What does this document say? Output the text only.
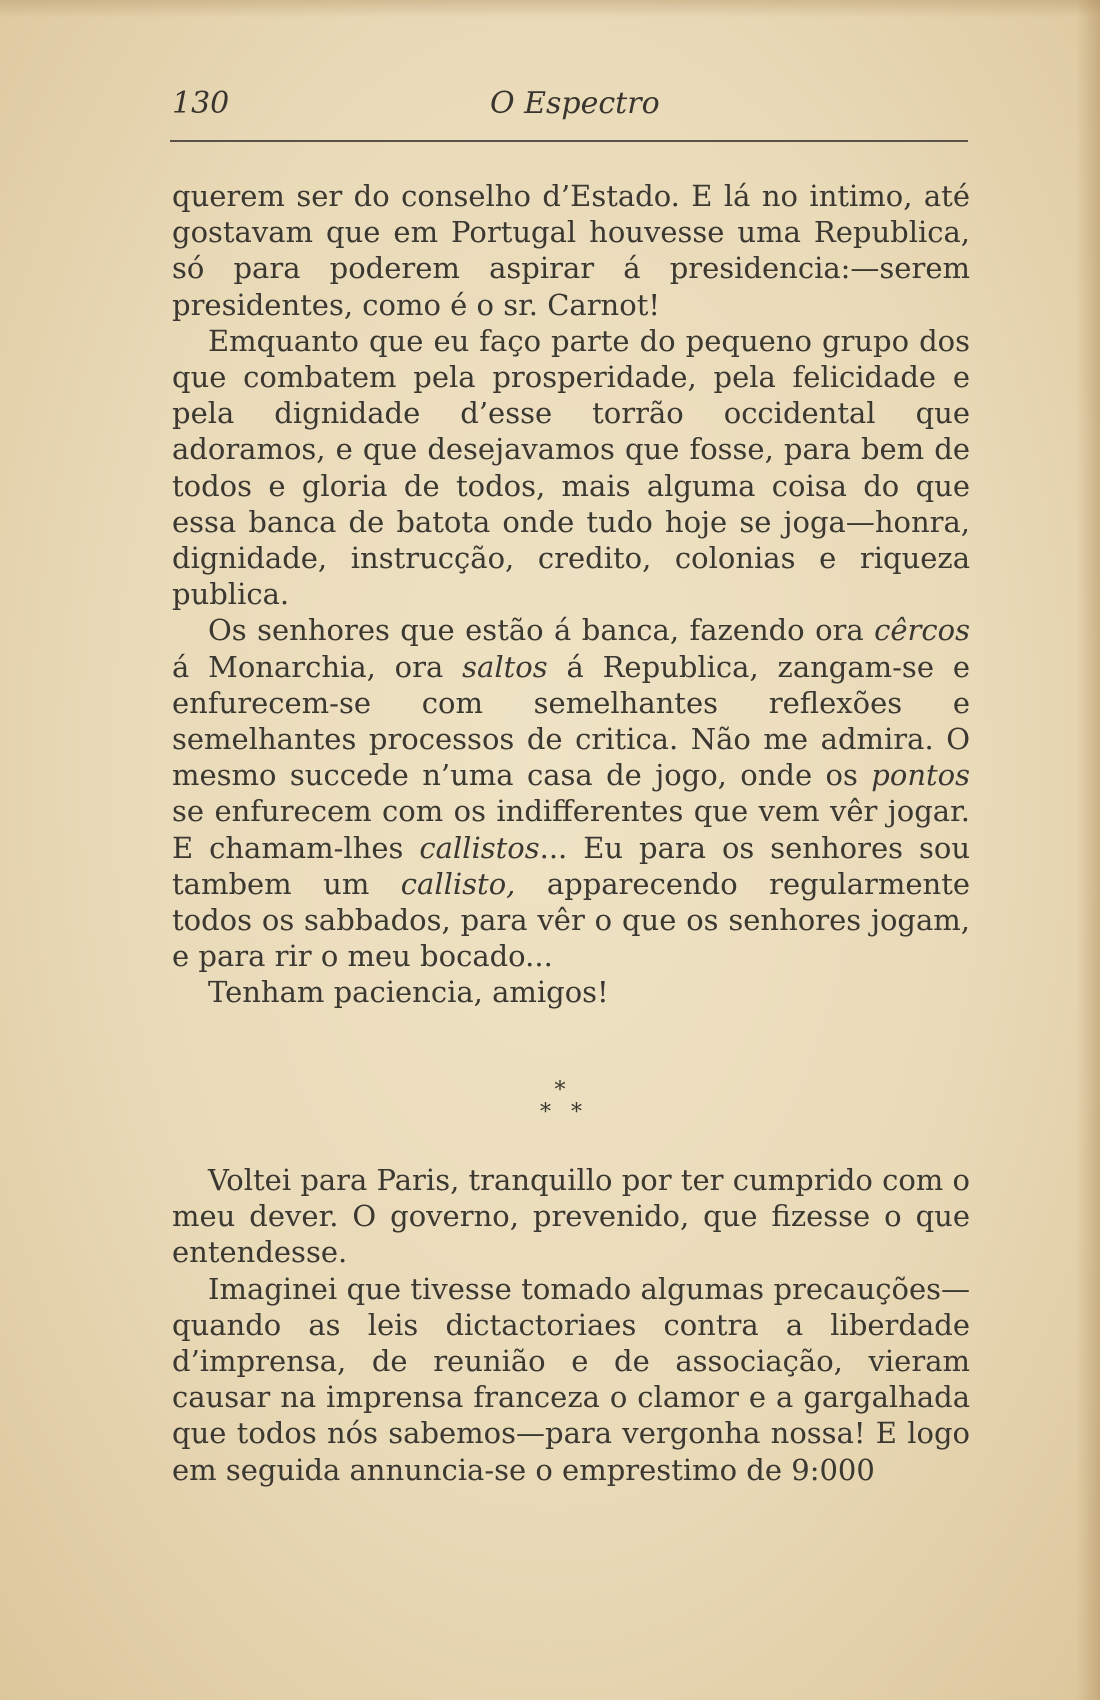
130	O Espectro

querem ser do conselho d’Estado. E lá no intimo, até gostavam que em Portugal houvesse uma Republica, só para poderem aspirar á presidencia:—serem presidentes, como é o sr. Carnot!

Emquanto que eu faço parte do pequeno grupo dos que combatem pela prosperidade, pela felicidade e pela dignidade d’esse torrão occidental que adoramos, e que desejavamos que fosse, para bem de todos e gloria de todos, mais alguma coisa do que essa banca de batota onde tudo hoje se joga—honra, dignidade, instrucção, credito, colonias e riqueza publica.

Os senhores que estão á banca, fazendo ora cêrcos á Monarchia, ora saltos á Republica, zangam-se e enfurecem-se com semelhantes reflexões e semelhantes processos de critica. Não me admira. O mesmo succede n’uma casa de jogo, onde os pontos se enfurecem com os indifferentes que vem vêr jogar. E chamam-lhes callistos... Eu para os senhores sou tambem um callisto, apparecendo regularmente todos os sabbados, para vêr o que os senhores jogam, e para rir o meu bocado...

Tenham paciencia, amigos!

*
**

Voltei para Paris, tranquillo por ter cumprido com o meu dever. O governo, prevenido, que fizesse o que entendesse.

Imaginei que tivesse tomado algumas precauções—quando as leis dictactoriaes contra a liberdade d’imprensa, de reunião e de associação, vieram causar na imprensa franceza o clamor e a gargalhada que todos nós sabemos—para vergonha nossa! E logo em seguida annuncia-se o emprestimo de 9:000
